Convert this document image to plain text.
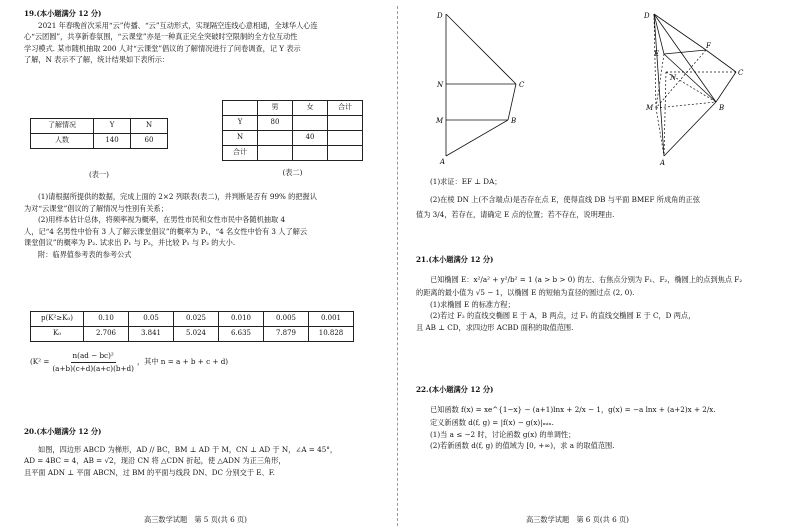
19.(本小题满分 12 分)

2021 年春晚首次采用“云”传播、“云”互动形式，实现隔空连线心意相通，全球华人心连

心“云团圆”，共享新春氛围，“云课堂”亦是一种真正完全突破时空限制的全方位互动性

学习模式. 某市随机抽取 200 人对“云课堂”倡议的了解情况进行了问卷调查，记 Y 表示

了解，N 表示不了解，统计结果如下表所示：

了解情况	Y	N
人数	140	60

(表一)

	男	女	合计
Y	80		
N		40	
合计			

(表二)

(1)请根据所提供的数据，完成上面的 2×2 列联表(表二)，并判断是否有 99% 的把握认

为对“云课堂”倡议的了解情况与性别有关系；

(2)用样本估计总体，将频率视为概率，在男性市民和女性市民中各随机抽取 4

人，记“4 名男性中恰有 3 人了解云课堂倡议”的概率为 P₁，“4 名女性中恰有 3 人了解云

课堂倡议”的概率为 P₂. 试求出 P₁ 与 P₂，并比较 P₁ 与 P₂ 的大小.

附：临界值参考表的参考公式

p(K²≥K₀)	0.10	0.05	0.025	0.010	0.005	0.001
K₀	2.706	3.841	5.024	6.635	7.879	10.828
($K^2 = \frac{\text{n(ad − bc)²}}{(a+b)(c+d)(a+c)(b+d)}$ ，其中 n = a + b + c + d)

20.(本小题满分 12 分)

如图，四边形 ABCD 为梯形，AD // BC，BM ⊥ AD 于 M，CN ⊥ AD 于 N，∠A = 45°，

AD = 4BC = 4，AB = √2，现沿 CN 将 △CDN 折起，使 △ADN 为正三角形，

且平面 ADN ⊥ 平面 ABCN，过 BM 的平面与线段 DN、DC 分别交于 E、F.

高三数学试题　第 5 页(共 6 页)

D
N	C
M	B
A
D
F
E
C
N
M	B
A

(1)求证：EF ⊥ DA；

(2)在棱 DN 上(不含端点)是否存在点 E，使得直线 DB 与平面 BMEF 所成角的正弦

值为 3/4，若存在，请确定 E 点的位置；若不存在，说明理由.

21.(本小题满分 12 分)

已知椭圆 E：x²/a² + y²/b² = 1 (a > b > 0) 的左、右焦点分别为 F₁、F₂，椭圆上的点到焦点 F₂

的距离的最小值为 √5 − 1，以椭圆 E 的短轴为直径的圆过点 (2, 0).

(1)求椭圆 E 的标准方程；

(2)若过 F₂ 的直线交椭圆 E 于 A，B 两点，过 F₁ 的直线交椭圆 E 于 C，D 两点，

且 AB ⊥ CD，求四边形 ACBD 面积的取值范围.

22.(本小题满分 12 分)

已知函数 f(x) = xe^{1−x} − (a+1)lnx + 2/x − 1，g(x) = −a lnx + (a+2)x + 2/x.

定义新函数 d(f, g) = |f(x) − g(x)|ₘᵢₙ.

(1)当 a ≤ −2 时，讨论函数 g(x) 的单调性；

(2)若新函数 d(f, g) 的值域为 [0, +∞)，求 a 的取值范围.

高三数学试题　第 6 页(共 6 页)
